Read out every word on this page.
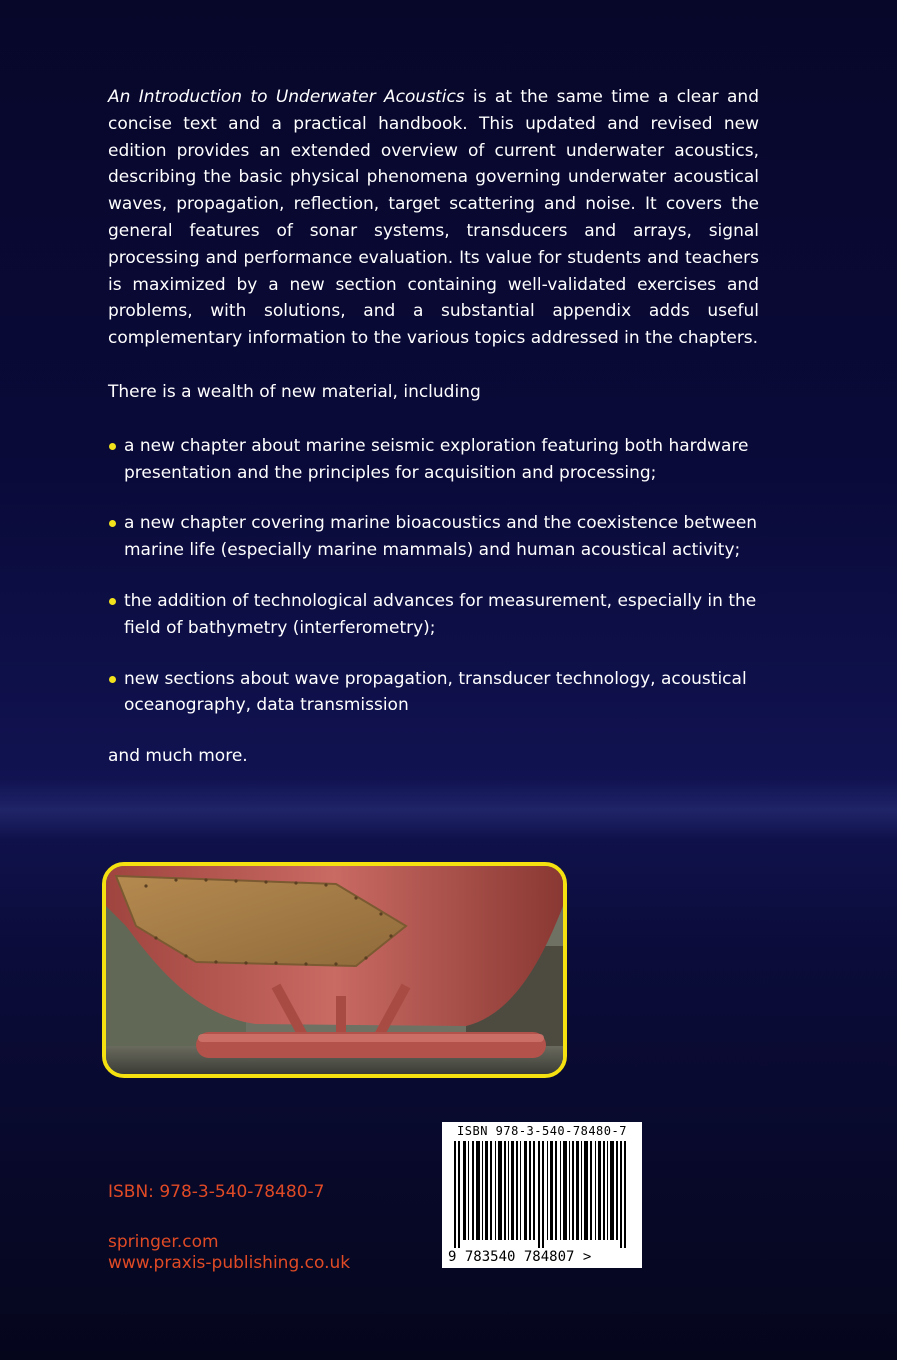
An Introduction to Underwater Acoustics is at the same time a clear and concise text and a practical handbook. This updated and revised new edition provides an extended overview of current underwater acoustics, describing the basic physical phenomena governing underwater acoustical waves, propagation, reflection, target scattering and noise. It covers the general features of sonar systems, transducers and arrays, signal processing and performance evaluation. Its value for students and teachers is maximized by a new section containing well-validated exercises and problems, with solutions, and a substantial appendix adds useful complementary information to the various topics addressed in the chapters.

There is a wealth of new material, including

a new chapter about marine seismic exploration featuring both hardware presentation and the principles for acquisition and processing;
a new chapter covering marine bioacoustics and the coexistence between marine life (especially marine mammals) and human acoustical activity;
the addition of technological advances for measurement, especially in the field of bathymetry (interferometry);
new sections about wave propagation, transducer technology, acoustical oceanography, data transmission

and much more.

ISBN 978-3-540-78480-7
9 783540 784807 >
ISBN: 978-3-540-78480-7
springer.com
www.praxis-publishing.co.uk
